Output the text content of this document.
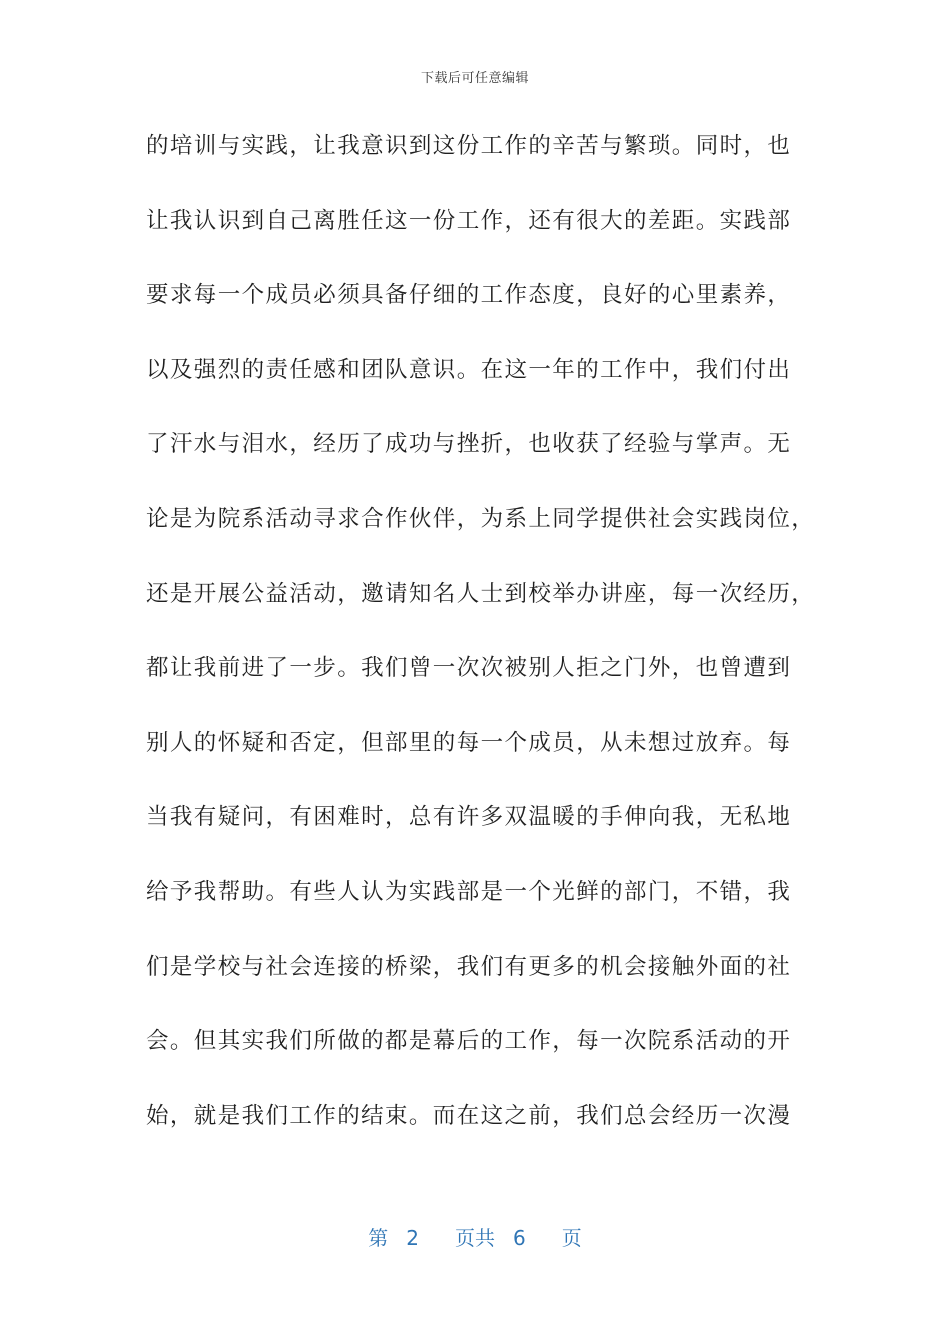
下载后可任意编辑
的培训与实践，让我意识到这份工作的辛苦与繁琐。同时，也
让我认识到自己离胜任这一份工作，还有很大的差距。实践部
要求每一个成员必须具备仔细的工作态度，良好的心里素养，
以及强烈的责任感和团队意识。在这一年的工作中，我们付出
了汗水与泪水，经历了成功与挫折，也收获了经验与掌声。无
论是为院系活动寻求合作伙伴，为系上同学提供社会实践岗位，
还是开展公益活动，邀请知名人士到校举办讲座，每一次经历，
都让我前进了一步。我们曾一次次被别人拒之门外，也曾遭到
别人的怀疑和否定，但部里的每一个成员，从未想过放弃。每
当我有疑问，有困难时，总有许多双温暖的手伸向我，无私地
给予我帮助。有些人认为实践部是一个光鲜的部门，不错，我
们是学校与社会连接的桥梁，我们有更多的机会接触外面的社
会。但其实我们所做的都是幕后的工作，每一次院系活动的开
始，就是我们工作的结束。而在这之前，我们总会经历一次漫
第 2 页共 6 页
